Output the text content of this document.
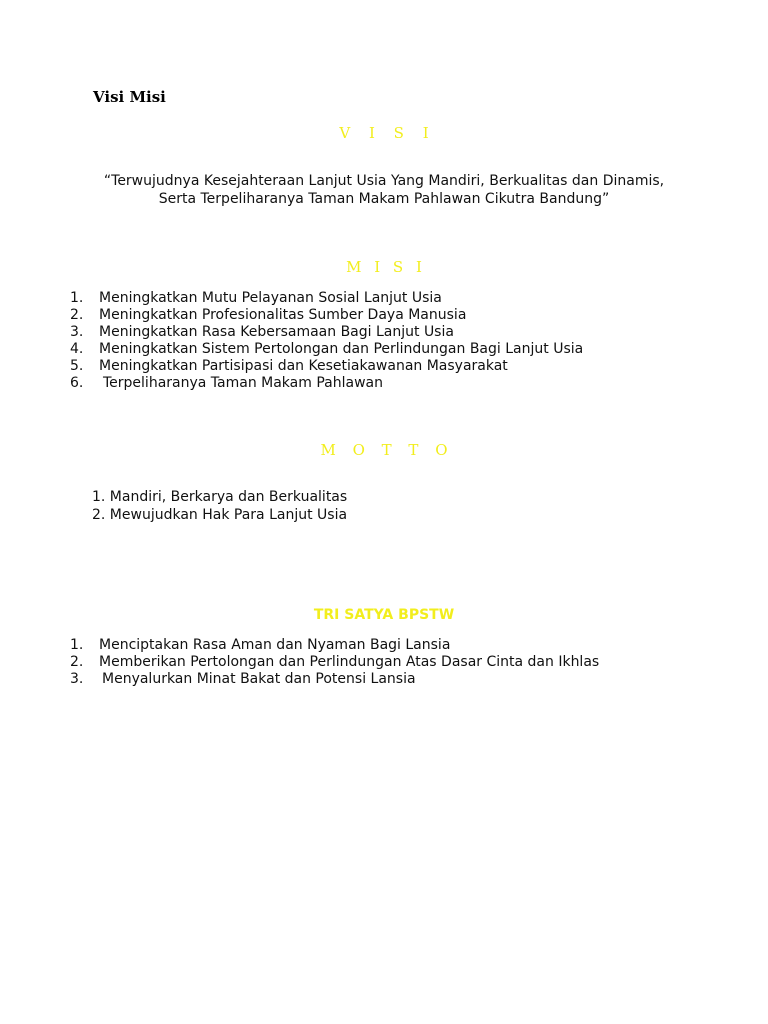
Visi Misi
V I S I
“Terwujudnya Kesejahteraan Lanjut Usia Yang Mandiri, Berkualitas dan Dinamis,
Serta Terpeliharanya Taman Makam Pahlawan Cikutra Bandung”
M I S I
1. Meningkatkan Mutu Pelayanan Sosial Lanjut Usia
2. Meningkatkan Profesionalitas Sumber Daya Manusia
3. Meningkatkan Rasa Kebersamaan Bagi Lanjut Usia
4. Meningkatkan Sistem Pertolongan dan Perlindungan Bagi Lanjut Usia
5. Meningkatkan Partisipasi dan Kesetiakawanan Masyarakat
6. Terpeliharanya Taman Makam Pahlawan
M O T T O
1. Mandiri, Berkarya dan Berkualitas
2. Mewujudkan Hak Para Lanjut Usia
TRI SATYA BPSTW
1. Menciptakan Rasa Aman dan Nyaman Bagi Lansia
2. Memberikan Pertolongan dan Perlindungan Atas Dasar Cinta dan Ikhlas
3. Menyalurkan Minat Bakat dan Potensi Lansia
